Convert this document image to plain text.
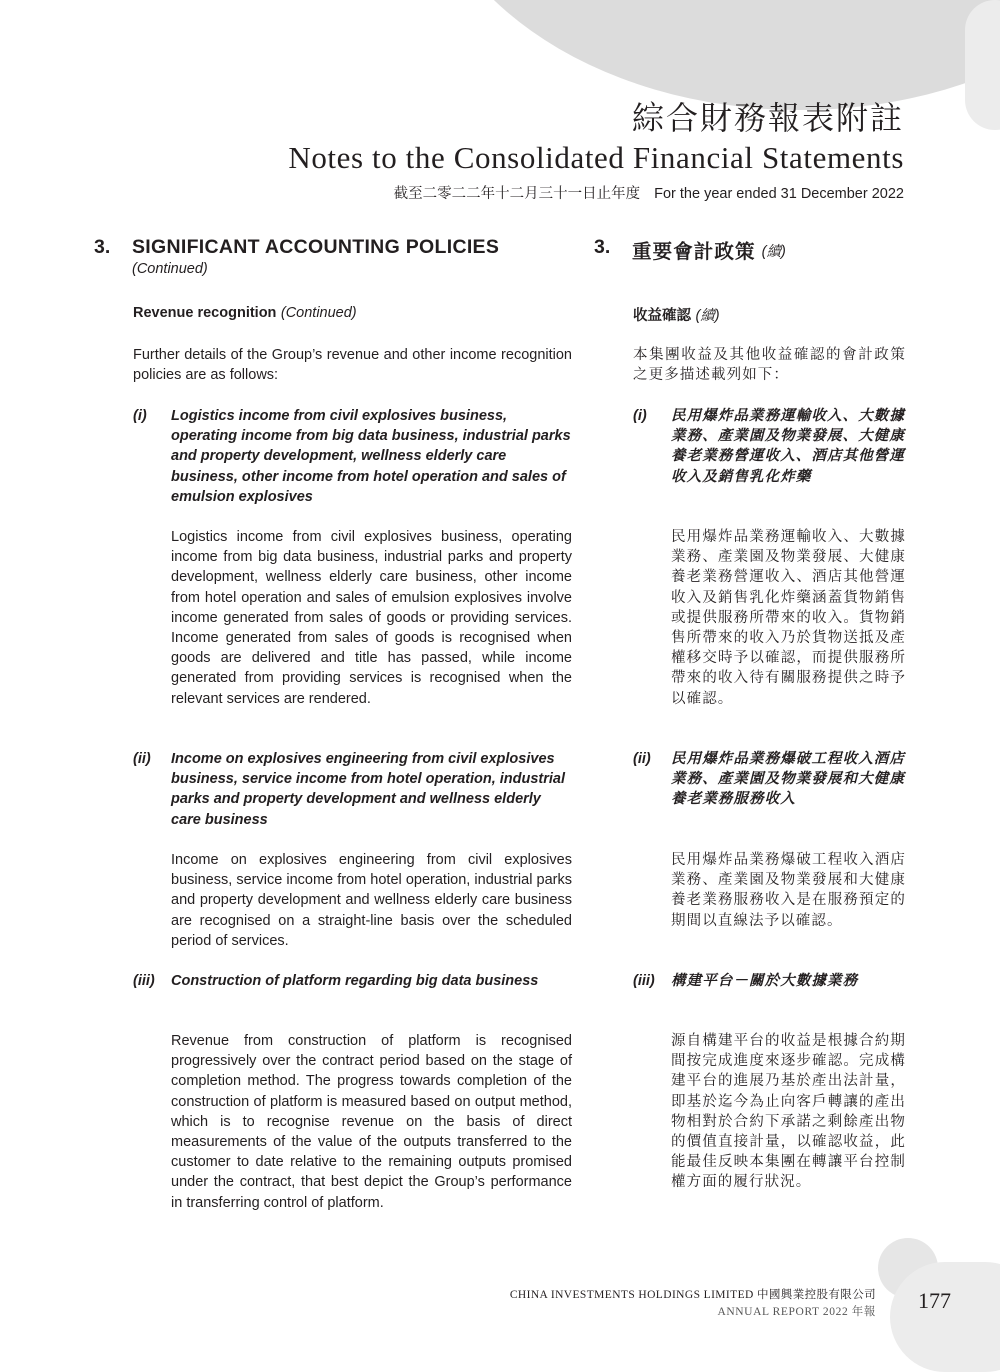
綜合財務報表附註
Notes to the Consolidated Financial Statements
截至二零二二年十二月三十一日止年度 For the year ended 31 December 2022
3.	SIGNIFICANT ACCOUNTING POLICIES
(Continued)
Revenue recognition (Continued)
Further details of the Group’s revenue and other income recognition policies are as follows:
(i)	Logistics income from civil explosives business, operating income from big data business, industrial parks and property development, wellness elderly care business, other income from hotel operation and sales of emulsion explosives
Logistics income from civil explosives business, operating income from big data business, industrial parks and property development, wellness elderly care business, other income from hotel operation and sales of emulsion explosives involve income generated from sales of goods or providing services. Income generated from sales of goods is recognised when goods are delivered and title has passed, while income generated from providing services is recognised when the relevant services are rendered.
(ii)	Income on explosives engineering from civil explosives business, service income from hotel operation, industrial parks and property development and wellness elderly care business
Income on explosives engineering from civil explosives business, service income from hotel operation, industrial parks and property development and wellness elderly care business are recognised on a straight-line basis over the scheduled period of services.
(iii)	Construction of platform regarding big data business
Revenue from construction of platform is recognised progressively over the contract period based on the stage of completion method. The progress towards completion of the construction of platform is measured based on output method, which is to recognise revenue on the basis of direct measurements of the value of the outputs transferred to the customer to date relative to the remaining outputs promised under the contract, that best depict the Group’s performance in transferring control of platform.
3.	重要會計政策 (續)
收益確認 (續)
本集團收益及其他收益確認的會計政策之更多描述載列如下：
(i)	民用爆炸品業務運輸收入、大數據業務、產業園及物業發展、大健康養老業務營運收入、酒店其他營運收入及銷售乳化炸藥
民用爆炸品業務運輸收入、大數據業務、產業園及物業發展、大健康養老業務營運收入、酒店其他營運收入及銷售乳化炸藥涵蓋貨物銷售或提供服務所帶來的收入。貨物銷售所帶來的收入乃於貨物送抵及產權移交時予以確認，而提供服務所帶來的收入待有關服務提供之時予以確認。
(ii)	民用爆炸品業務爆破工程收入酒店業務、產業園及物業發展和大健康養老業務服務收入
民用爆炸品業務爆破工程收入酒店業務、產業園及物業發展和大健康養老業務服務收入是在服務預定的期間以直線法予以確認。
(iii)	構建平台－關於大數據業務
源自構建平台的收益是根據合約期間按完成進度來逐步確認。完成構建平台的進展乃基於產出法計量，即基於迄今為止向客戶轉讓的產出物相對於合約下承諾之剩餘產出物的價值直接計量，以確認收益，此能最佳反映本集團在轉讓平台控制權方面的履行狀況。
CHINA INVESTMENTS HOLDINGS LIMITED 中國興業控股有限公司
ANNUAL REPORT 2022 年報 177
